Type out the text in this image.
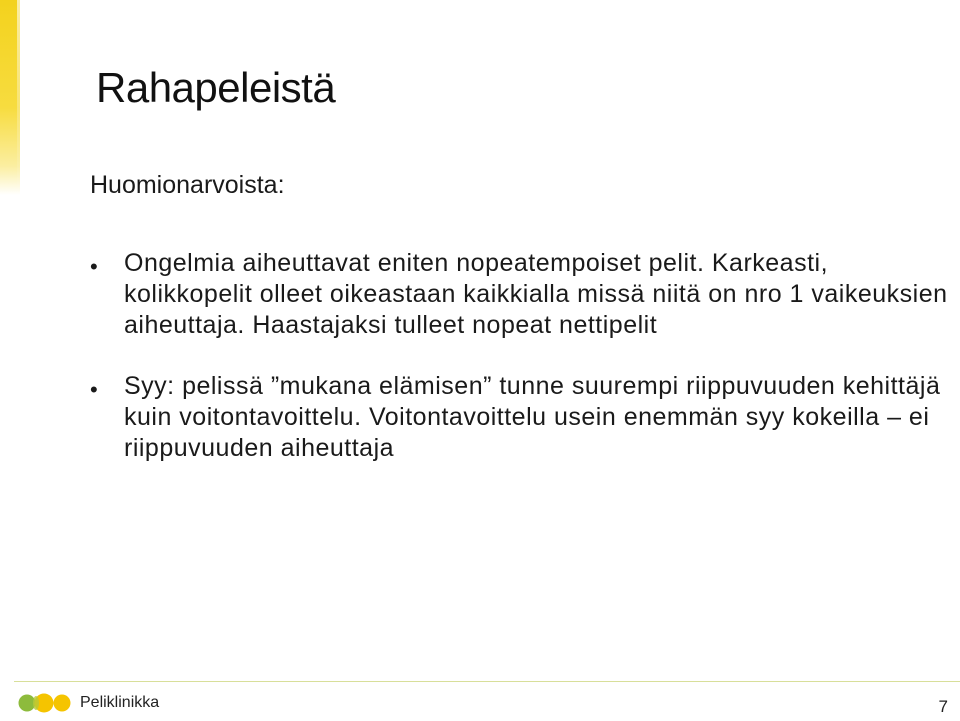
Rahapeleistä

Huomionarvoista:

• Ongelmia aiheuttavat eniten nopeatempoiset pelit. Karkeasti, kolikkopelit olleet oikeastaan kaikkialla missä niitä on nro 1 vaikeuksien aiheuttaja. Haastajaksi tulleet nopeat nettipelit
• Syy: pelissä ”mukana elämisen” tunne suurempi riippuvuuden kehittäjä kuin voitontavoittelu. Voitontavoittelu usein enemmän syy kokeilla – ei riippuvuuden aiheuttaja
Peliklinikka	7
